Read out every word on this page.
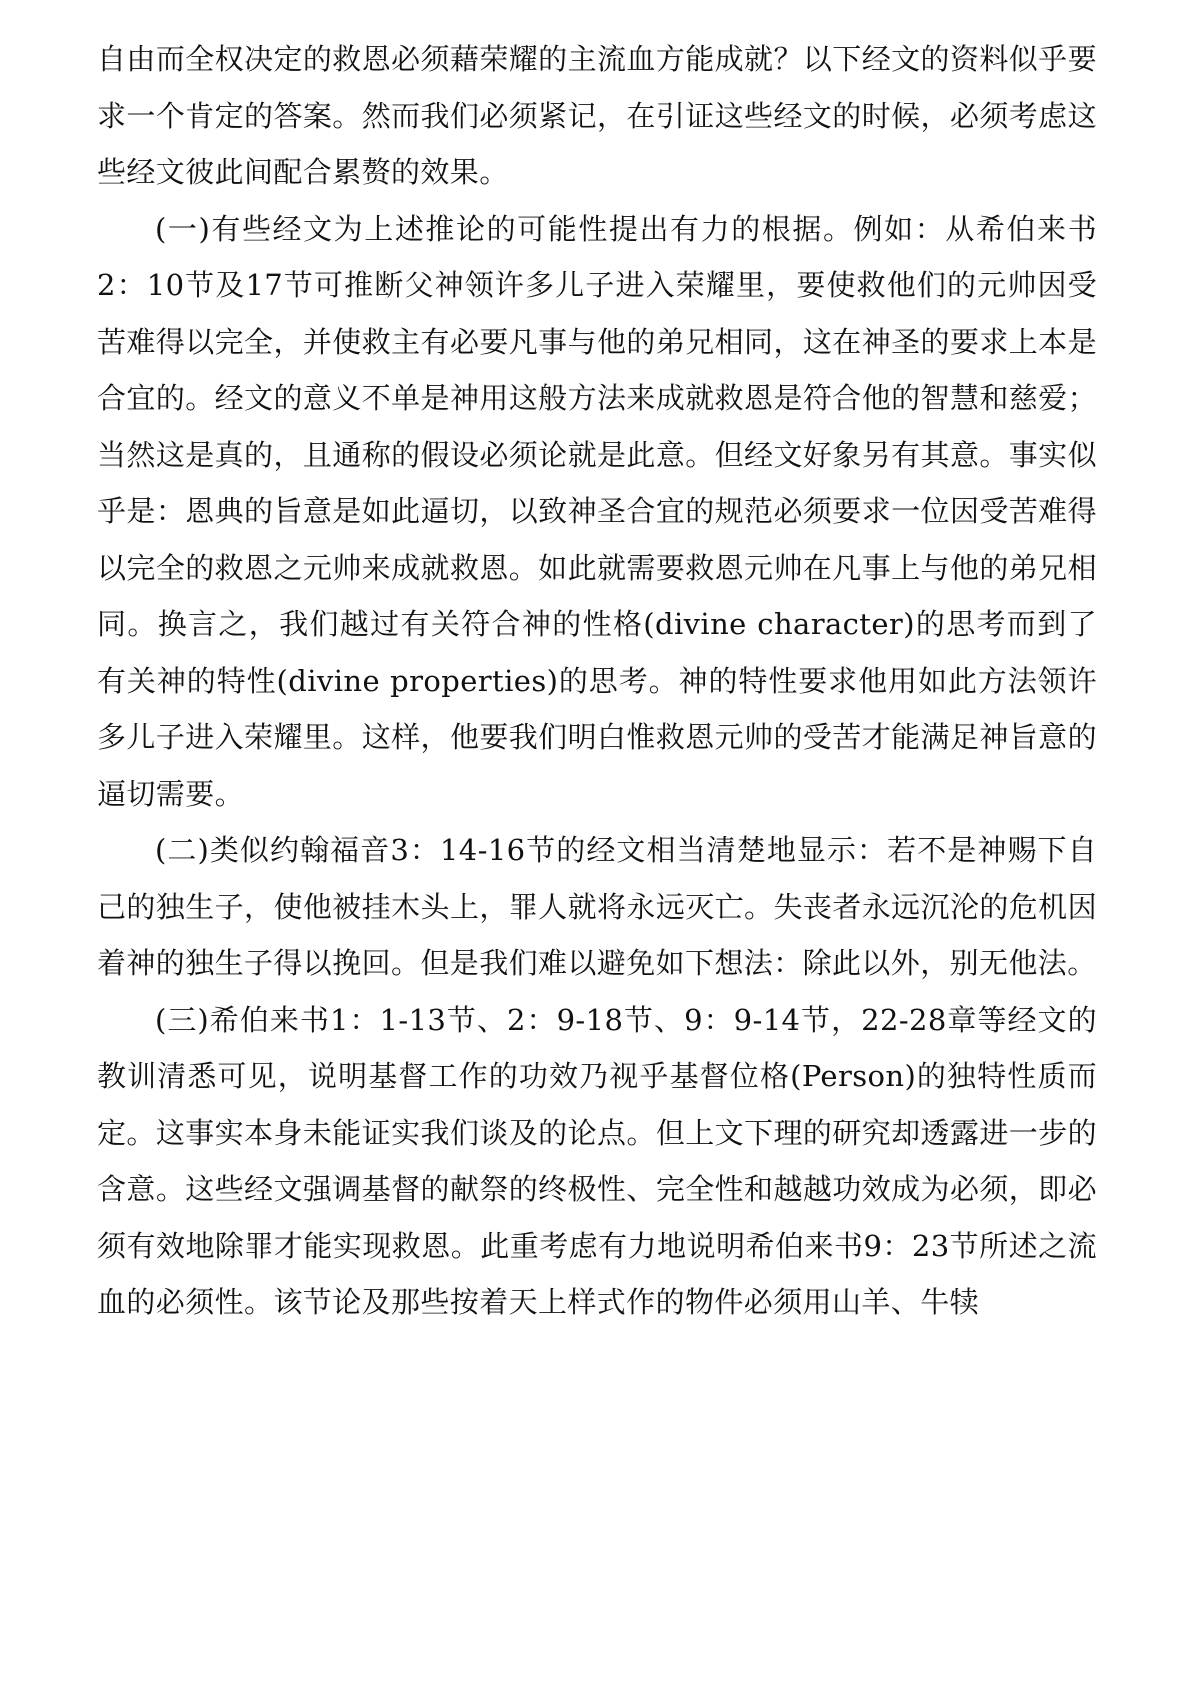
自由而全权决定的救恩必须藉荣耀的主流血方能成就？以下经文的资料似乎要求一个肯定的答案。然而我们必须紧记，在引证这些经文的时候，必须考虑这些经文彼此间配合累赘的效果。

(一)有些经文为上述推论的可能性提出有力的根据。例如：从希伯来书2：10节及17节可推断父神领许多儿子进入荣耀里，要使救他们的元帅因受苦难得以完全，并使救主有必要凡事与他的弟兄相同，这在神圣的要求上本是合宜的。经文的意义不单是神用这般方法来成就救恩是符合他的智慧和慈爱；当然这是真的，且通称的假设必须论就是此意。但经文好象另有其意。事实似乎是：恩典的旨意是如此逼切，以致神圣合宜的规范必须要求一位因受苦难得以完全的救恩之元帅来成就救恩。如此就需要救恩元帅在凡事上与他的弟兄相同。换言之，我们越过有关符合神的性格(divine character)的思考而到了有关神的特性(divine properties)的思考。神的特性要求他用如此方法领许多儿子进入荣耀里。这样，他要我们明白惟救恩元帅的受苦才能满足神旨意的逼切需要。

(二)类似约翰福音3：14-16节的经文相当清楚地显示：若不是神赐下自己的独生子，使他被挂木头上，罪人就将永远灭亡。失丧者永远沉沦的危机因着神的独生子得以挽回。但是我们难以避免如下想法：除此以外，别无他法。

(三)希伯来书1：1-13节、2：9-18节、9：9-14节，22-28章等经文的教训清悉可见，说明基督工作的功效乃视乎基督位格(Person)的独特性质而定。这事实本身未能证实我们谈及的论点。但上文下理的研究却透露进一步的含意。这些经文强调基督的献祭的终极性、完全性和越越功效成为必须，即必须有效地除罪才能实现救恩。此重考虑有力地说明希伯来书9：23节所述之流血的必须性。该节论及那些按着天上样式作的物件必须用山羊、牛犊
